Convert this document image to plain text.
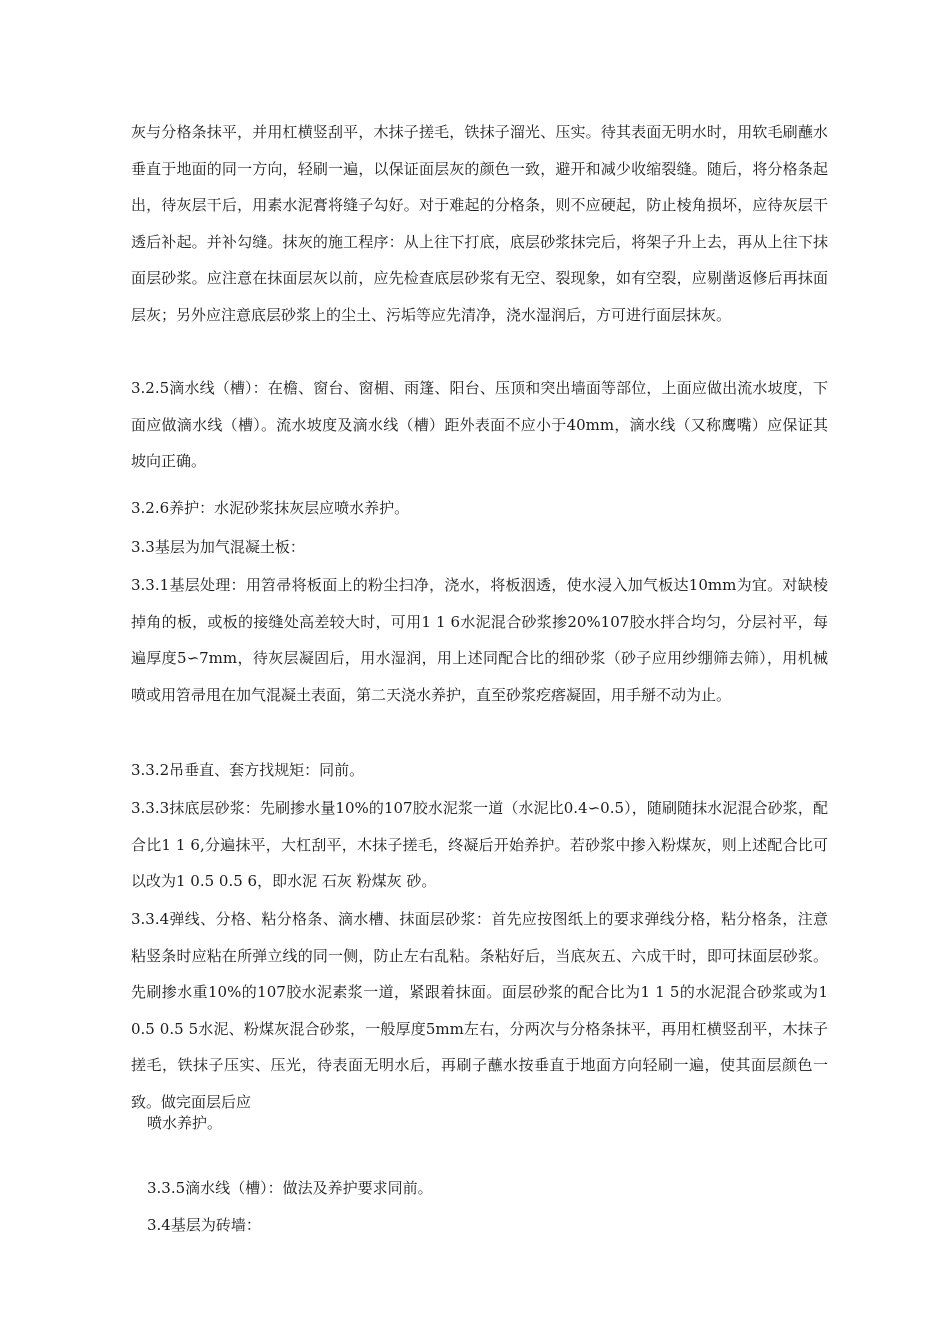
灰与分格条抹平，并用杠横竖刮平，木抹子搓毛，铁抹子溜光、压实。待其表面无明水时，用软毛刷蘸水垂直于地面的同一方向，轻刷一遍，以保证面层灰的颜色一致，避开和减少收缩裂缝。随后，将分格条起出，待灰层干后，用素水泥膏将缝子勾好。对于难起的分格条，则不应硬起，防止棱角损坏，应待灰层干透后补起。并补勾缝。抹灰的施工程序：从上往下打底，底层砂浆抹完后，将架子升上去，再从上往下抹面层砂浆。应注意在抹面层灰以前，应先检查底层砂浆有无空、裂现象，如有空裂，应剔凿返修后再抹面层灰；另外应注意底层砂浆上的尘土、污垢等应先清净，浇水湿润后，方可进行面层抹灰。

3.2.5滴水线（槽）：在檐、窗台、窗楣、雨篷、阳台、压顶和突出墙面等部位，上面应做出流水坡度，下面应做滴水线（槽）。流水坡度及滴水线（槽）距外表面不应小于40mm，滴水线（又称鹰嘴）应保证其坡向正确。

3.2.6养护：水泥砂浆抹灰层应喷水养护。

3.3基层为加气混凝土板：

3.3.1基层处理：用笤帚将板面上的粉尘扫净，浇水，将板洇透，使水浸入加气板达10mm为宜。对缺棱掉角的板，或板的接缝处高差较大时，可用1 1 6水泥混合砂浆掺20%107胶水拌合均匀，分层衬平，每遍厚度5∽7mm，待灰层凝固后，用水湿润，用上述同配合比的细砂浆（砂子应用纱绷筛去筛），用机械喷或用笤帚甩在加气混凝土表面，第二天浇水养护，直至砂浆疙瘩凝固，用手掰不动为止。

3.3.2吊垂直、套方找规矩：同前。

3.3.3抹底层砂浆：先刷掺水量10%的107胶水泥浆一道（水泥比0.4∽0.5），随刷随抹水泥混合砂浆，配合比1 1 6,分遍抹平，大杠刮平，木抹子搓毛，终凝后开始养护。若砂浆中掺入粉煤灰，则上述配合比可以改为1 0.5 0.5 6，即水泥 石灰 粉煤灰 砂。

3.3.4弹线、分格、粘分格条、滴水槽、抹面层砂浆：首先应按图纸上的要求弹线分格，粘分格条，注意粘竖条时应粘在所弹立线的同一侧，防止左右乱粘。条粘好后，当底灰五、六成干时，即可抹面层砂浆。先刷掺水重10%的107胶水泥素浆一道，紧跟着抹面。面层砂浆的配合比为1 1 5的水泥混合砂浆或为1 0.5 0.5 5水泥、粉煤灰混合砂浆，一般厚度5mm左右，分两次与分格条抹平，再用杠横竖刮平，木抹子搓毛，铁抹子压实、压光，待表面无明水后，再刷子蘸水按垂直于地面方向轻刷一遍，使其面层颜色一致。做完面层后应

喷水养护。

3.3.5滴水线（槽）：做法及养护要求同前。

3.4基层为砖墙：
